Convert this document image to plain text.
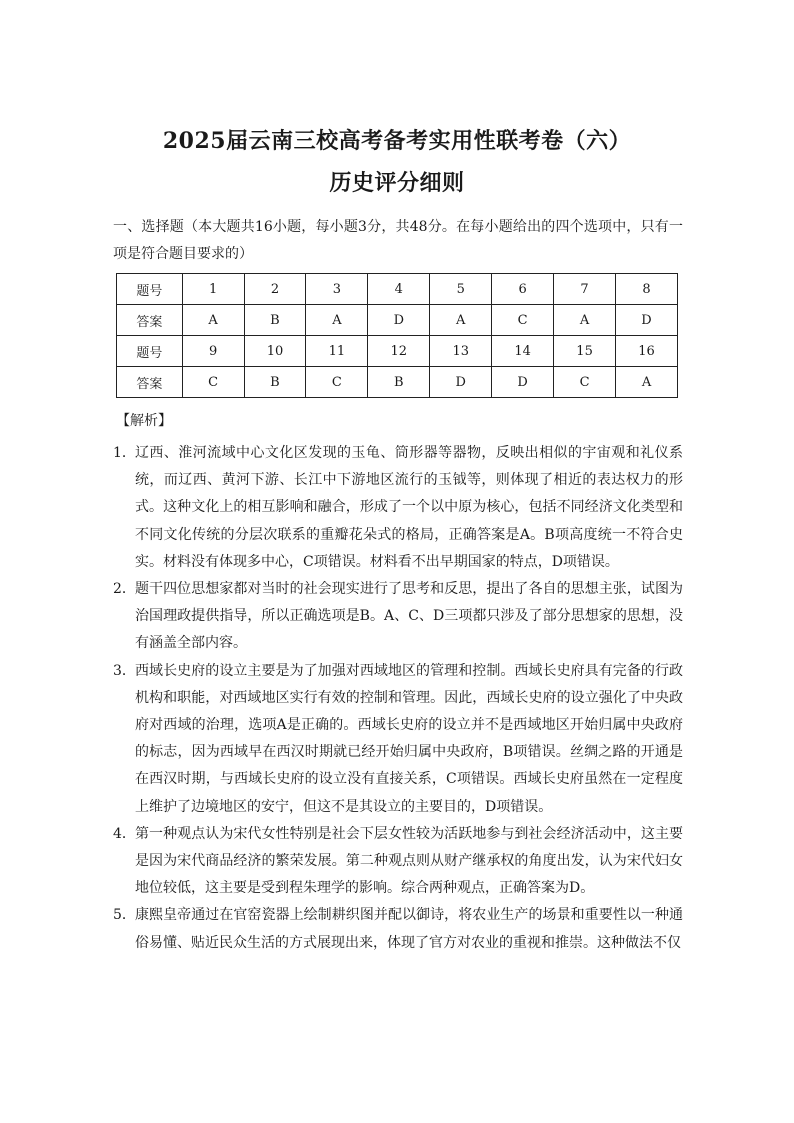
2025届云南三校高考备考实用性联考卷（六）
历史评分细则
一、选择题（本大题共16小题，每小题3分，共48分。在每小题给出的四个选项中，只有一项是符合题目要求的）
题号	1	2	3	4	5	6	7	8
答案	A	B	A	D	A	C	A	D
题号	9	10	11	12	13	14	15	16
答案	C	B	C	B	D	D	C	A
【解析】
1． 辽西、淮河流域中心文化区发现的玉龟、筒形器等器物，反映出相似的宇宙观和礼仪系统，而辽西、黄河下游、长江中下游地区流行的玉钺等，则体现了相近的表达权力的形式。这种文化上的相互影响和融合，形成了一个以中原为核心，包括不同经济文化类型和不同文化传统的分层次联系的重瓣花朵式的格局，正确答案是A。B项高度统一不符合史实。材料没有体现多中心，C项错误。材料看不出早期国家的特点，D项错误。
2． 题干四位思想家都对当时的社会现实进行了思考和反思，提出了各自的思想主张，试图为治国理政提供指导，所以正确选项是B。A、C、D三项都只涉及了部分思想家的思想，没有涵盖全部内容。
3． 西域长史府的设立主要是为了加强对西域地区的管理和控制。西域长史府具有完备的行政机构和职能，对西域地区实行有效的控制和管理。因此，西域长史府的设立强化了中央政府对西域的治理，选项A是正确的。西域长史府的设立并不是西域地区开始归属中央政府的标志，因为西域早在西汉时期就已经开始归属中央政府，B项错误。丝绸之路的开通是在西汉时期，与西域长史府的设立没有直接关系，C项错误。西域长史府虽然在一定程度上维护了边境地区的安宁，但这不是其设立的主要目的，D项错误。
4． 第一种观点认为宋代女性特别是社会下层女性较为活跃地参与到社会经济活动中，这主要是因为宋代商品经济的繁荣发展。第二种观点则从财产继承权的角度出发，认为宋代妇女地位较低，这主要是受到程朱理学的影响。综合两种观点，正确答案为D。
5． 康熙皇帝通过在官窑瓷器上绘制耕织图并配以御诗，将农业生产的场景和重要性以一种通俗易懂、贴近民众生活的方式展现出来，体现了官方对农业的重视和推崇。这种做法不仅
